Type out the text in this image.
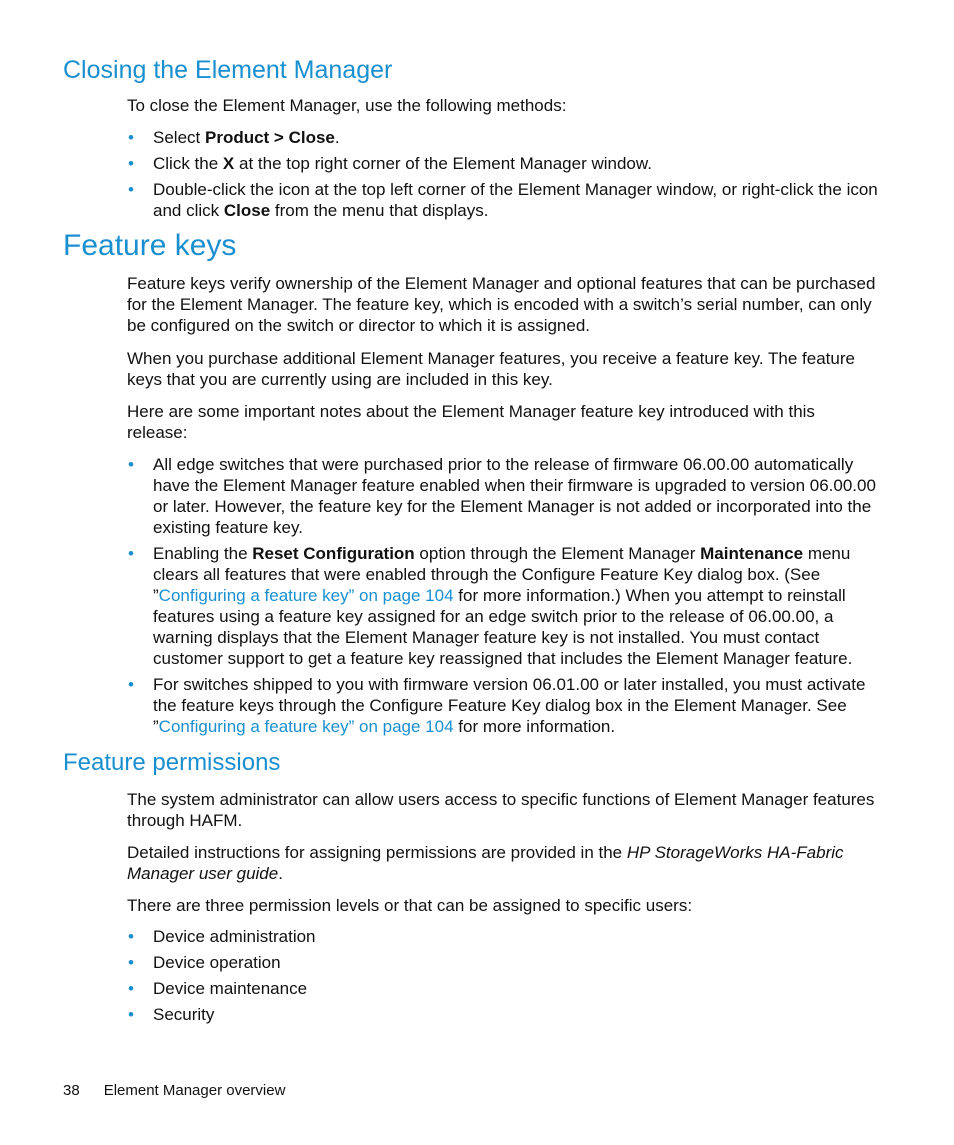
Closing the Element Manager

To close the Element Manager, use the following methods:

• Select Product > Close.
• Click the X at the top right corner of the Element Manager window.
• Double-click the icon at the top left corner of the Element Manager window, or right-click the icon and click Close from the menu that displays.
Feature keys

Feature keys verify ownership of the Element Manager and optional features that can be purchased for the Element Manager. The feature key, which is encoded with a switch’s serial number, can only be configured on the switch or director to which it is assigned.

When you purchase additional Element Manager features, you receive a feature key. The feature keys that you are currently using are included in this key.

Here are some important notes about the Element Manager feature key introduced with this release:

• All edge switches that were purchased prior to the release of firmware 06.00.00 automatically have the Element Manager feature enabled when their firmware is upgraded to version 06.00.00 or later. However, the feature key for the Element Manager is not added or incorporated into the existing feature key.
• Enabling the Reset Configuration option through the Element Manager Maintenance menu clears all features that were enabled through the Configure Feature Key dialog box. (See ”Configuring a feature key” on page 104 for more information.) When you attempt to reinstall features using a feature key assigned for an edge switch prior to the release of 06.00.00, a warning displays that the Element Manager feature key is not installed. You must contact customer support to get a feature key reassigned that includes the Element Manager feature.
• For switches shipped to you with firmware version 06.01.00 or later installed, you must activate the feature keys through the Configure Feature Key dialog box in the Element Manager. See ”Configuring a feature key” on page 104 for more information.
Feature permissions

The system administrator can allow users access to specific functions of Element Manager features through HAFM.

Detailed instructions for assigning permissions are provided in the HP StorageWorks HA-Fabric Manager user guide.

There are three permission levels or that can be assigned to specific users:

• Device administration
• Device operation
• Device maintenance
• Security
38 Element Manager overview
